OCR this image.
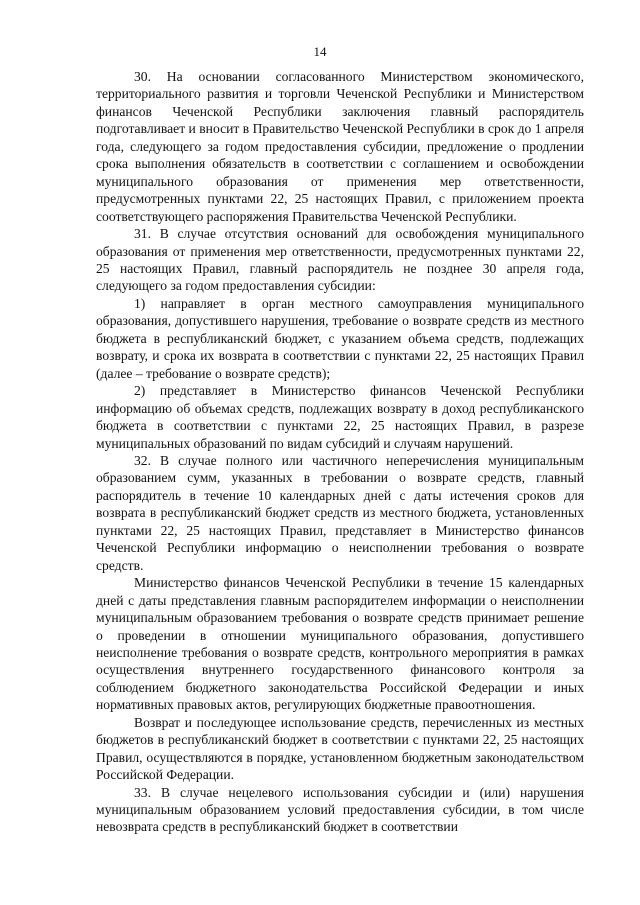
14

30. На основании согласованного Министерством экономического, территориального развития и торговли Чеченской Республики и Министерством финансов Чеченской Республики заключения главный распорядитель подготавливает и вносит в Правительство Чеченской Республики в срок до 1 апреля года, следующего за годом предоставления субсидии, предложение о продлении срока выполнения обязательств в соответствии с соглашением и освобождении муниципального образования от применения мер ответственности, предусмотренных пунктами 22, 25 настоящих Правил, с приложением проекта соответствующего распоряжения Правительства Чеченской Республики.

31. В случае отсутствия оснований для освобождения муниципального образования от применения мер ответственности, предусмотренных пунктами 22, 25 настоящих Правил, главный распорядитель не позднее 30 апреля года, следующего за годом предоставления субсидии:

1) направляет в орган местного самоуправления муниципального образования, допустившего нарушения, требование о возврате средств из местного бюджета в республиканский бюджет, с указанием объема средств, подлежащих возврату, и срока их возврата в соответствии с пунктами 22, 25 настоящих Правил (далее – требование о возврате средств);

2) представляет в Министерство финансов Чеченской Республики информацию об объемах средств, подлежащих возврату в доход республиканского бюджета в соответствии с пунктами 22, 25 настоящих Правил, в разрезе муниципальных образований по видам субсидий и случаям нарушений.

32. В случае полного или частичного неперечисления муниципальным образованием сумм, указанных в требовании о возврате средств, главный распорядитель в течение 10 календарных дней с даты истечения сроков для возврата в республиканский бюджет средств из местного бюджета, установленных пунктами 22, 25 настоящих Правил, представляет в Министерство финансов Чеченской Республики информацию о неисполнении требования о возврате средств.

Министерство финансов Чеченской Республики в течение 15 календарных дней с даты представления главным распорядителем информации о неисполнении муниципальным образованием требования о возврате средств принимает решение о проведении в отношении муниципального образования, допустившего неисполнение требования о возврате средств, контрольного мероприятия в рамках осуществления внутреннего государственного финансового контроля за соблюдением бюджетного законодательства Российской Федерации и иных нормативных правовых актов, регулирующих бюджетные правоотношения.

Возврат и последующее использование средств, перечисленных из местных бюджетов в республиканский бюджет в соответствии с пунктами 22, 25 настоящих Правил, осуществляются в порядке, установленном бюджетным законодательством Российской Федерации.

33. В случае нецелевого использования субсидии и (или) нарушения муниципальным образованием условий предоставления субсидии, в том числе невозврата средств в республиканский бюджет в соответствии
